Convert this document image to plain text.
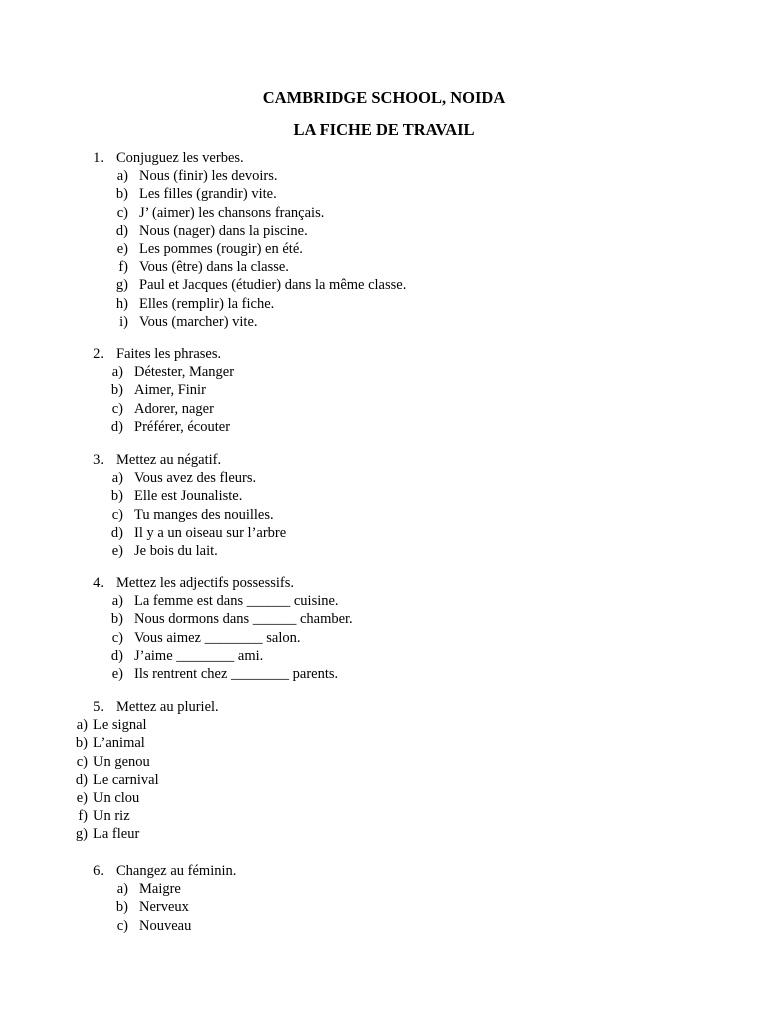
CAMBRIDGE SCHOOL, NOIDA
LA FICHE DE TRAVAIL
1. Conjuguez les verbes.
a) Nous (finir) les devoirs.
b) Les filles (grandir) vite.
c) J’ (aimer) les chansons français.
d) Nous (nager) dans la piscine.
e) Les pommes (rougir) en été.
f) Vous (être) dans la classe.
g) Paul et Jacques (étudier) dans la même classe.
h) Elles (remplir) la fiche.
i) Vous (marcher) vite.
2. Faites les phrases.
a) Détester, Manger
b) Aimer, Finir
c) Adorer, nager
d) Préférer, écouter
3. Mettez au négatif.
a) Vous avez des fleurs.
b) Elle est Jounaliste.
c) Tu manges des nouilles.
d) Il y a un oiseau sur l’arbre
e) Je bois du lait.
4. Mettez les adjectifs possessifs.
a) La femme est dans ______ cuisine.
b) Nous dormons dans ______ chamber.
c) Vous aimez ________ salon.
d) J’aime ________ ami.
e) Ils rentrent chez ________ parents.
5. Mettez au pluriel.
a) Le signal
b) L’animal
c) Un genou
d) Le carnival
e) Un clou
f) Un riz
g) La fleur
6. Changez au féminin.
a) Maigre
b) Nerveux
c) Nouveau
